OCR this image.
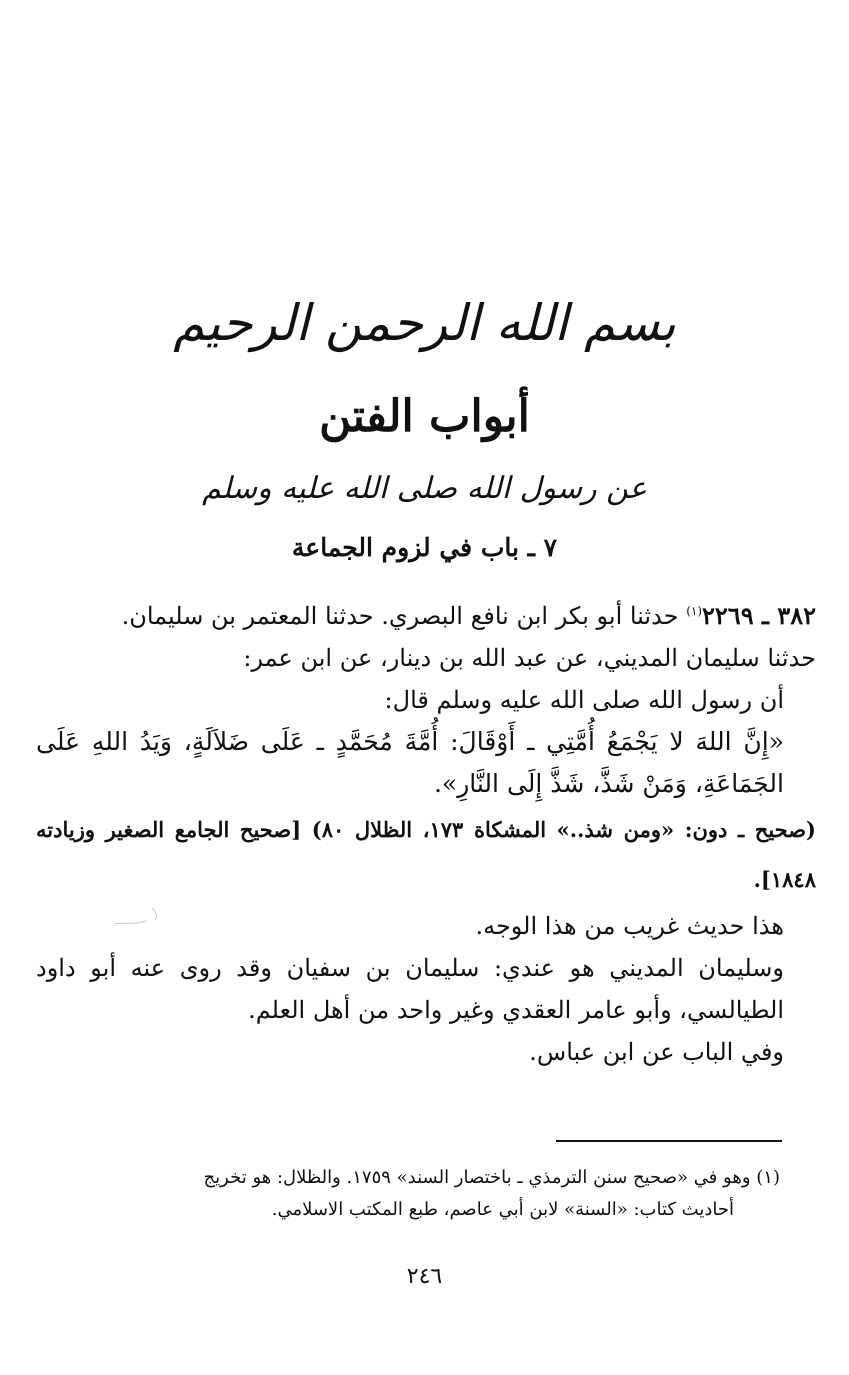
بسم الله الرحمن الرحيم
أبواب الفتن
عن رسول الله صلى الله عليه وسلم
٧ ـ باب في لزوم الجماعة

٣٨٢ ـ ٢٢٦٩$^{(١)}$ حدثنا أبو بكر ابن نافع البصري. حدثنا المعتمر بن سليمان.

حدثنا سليمان المديني، عن عبد الله بن دينار، عن ابن عمر:

أن رسول الله صلى الله عليه وسلم قال:

«إِنَّ اللهَ لا يَجْمَعُ أُمَّتِي ـ أَوْقَالَ: أُمَّةَ مُحَمَّدٍ ـ عَلَى ضَلاَلَةٍ، وَيَدُ اللهِ عَلَى الجَمَاعَةِ، وَمَنْ شَذَّ، شَذَّ إِلَى النَّارِ».

(صحيح ـ دون: «ومن شذ..» المشكاة ١٧٣، الظلال ٨٠) [صحيح الجامع الصغير وزيادته ١٨٤٨].

هذا حديث غريب من هذا الوجه.

وسليمان المديني هو عندي: سليمان بن سفيان وقد روى عنه أبو داود الطيالسي، وأبو عامر العقدي وغير واحد من أهل العلم.

وفي الباب عن ابن عباس.

(١) وهو في «صحيح سنن الترمذي ـ باختصار السند» ١٧٥٩. والظلال: هو تخريج

أحاديث كتاب: «السنة» لابن أبي عاصم، طبع المكتب الاسلامي.

٢٤٦
